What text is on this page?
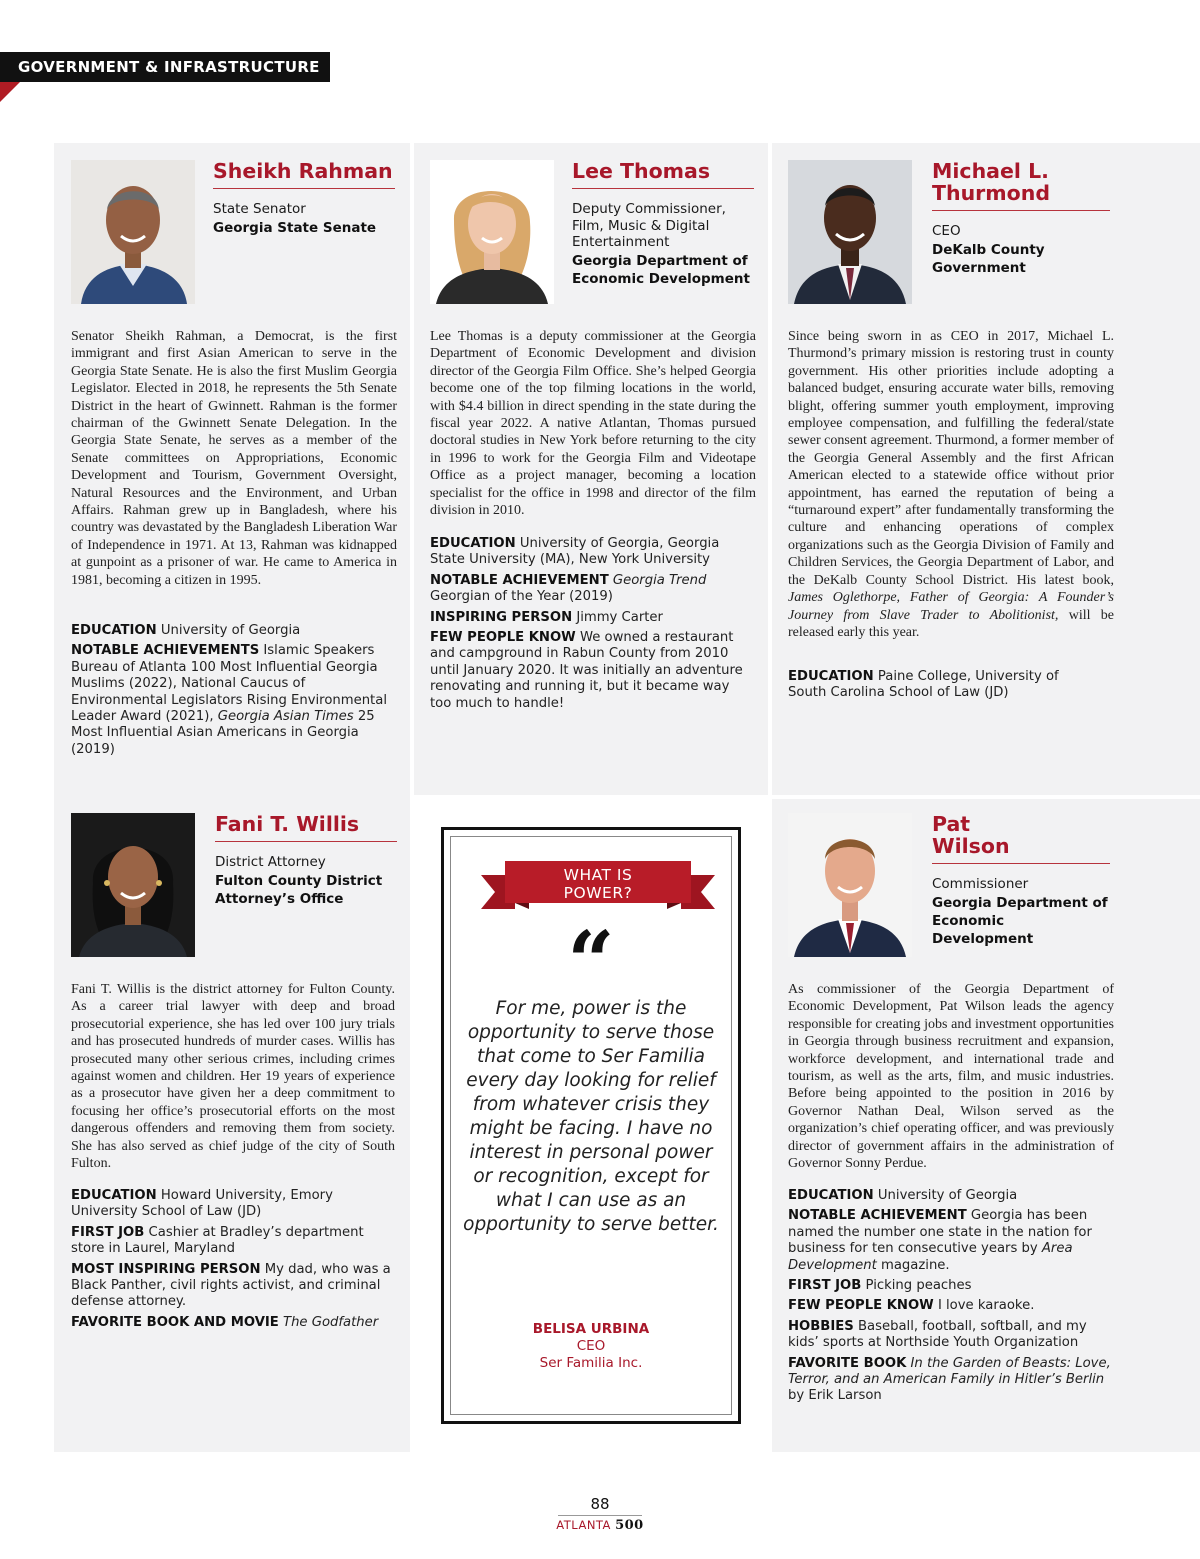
GOVERNMENT & INFRASTRUCTURE
Sheikh Rahman
State Senator
Georgia State Senate
Senator Sheikh Rahman, a Democrat, is the first immigrant and first Asian American to serve in the Georgia State Senate. He is also the first Muslim Georgia Legislator. Elected in 2018, he represents the 5th Senate District in the heart of Gwinnett. Rahman is the former chairman of the Gwinnett Senate Delegation. In the Georgia State Senate, he serves as a member of the Senate committees on Appropriations, Economic Development and Tourism, Government Oversight, Natural Resources and the Environment, and Urban Affairs. Rahman grew up in Bangladesh, where his country was devastated by the Bangladesh Liberation War of Independence in 1971. At 13, Rahman was kidnapped at gunpoint as a prisoner of war. He came to America in 1981, becoming a citizen in 1995.
EDUCATION University of Georgia
NOTABLE ACHIEVEMENTS Islamic Speakers Bureau of Atlanta 100 Most Influential Georgia Muslims (2022), National Caucus of Environmental Legislators Rising Environmental Leader Award (2021), Georgia Asian Times 25 Most Influential Asian Americans in Georgia (2019)
Lee Thomas
Deputy Commissioner, Film, Music & Digital Entertainment
Georgia Department of Economic Development
Lee Thomas is a deputy commissioner at the Georgia Department of Economic Development and division director of the Georgia Film Office. She’s helped Georgia become one of the top filming locations in the world, with $4.4 billion in direct spending in the state during the fiscal year 2022. A native Atlantan, Thomas pursued doctoral studies in New York before returning to the city in 1996 to work for the Georgia Film and Videotape Office as a project manager, becoming a location specialist for the office in 1998 and director of the film division in 2010.
EDUCATION University of Georgia, Georgia State University (MA), New York University
NOTABLE ACHIEVEMENT Georgia Trend Georgian of the Year (2019)
INSPIRING PERSON Jimmy Carter
FEW PEOPLE KNOW We owned a restaurant and campground in Rabun County from 2010 until January 2020. It was initially an adventure renovating and running it, but it became way too much to handle!
Michael L. Thurmond
CEO
DeKalb County Government
Since being sworn in as CEO in 2017, Michael L. Thurmond’s primary mission is restoring trust in county government. His other priorities include adopting a balanced budget, ensuring accurate water bills, removing blight, offering summer youth employment, improving employee compensation, and fulfilling the federal/state sewer consent agreement. Thurmond, a former member of the Georgia General Assembly and the first African American elected to a statewide office without prior appointment, has earned the reputation of being a “turnaround expert” after fundamentally transforming the culture and enhancing operations of complex organizations such as the Georgia Division of Family and Children Services, the Georgia Department of Labor, and the DeKalb County School District. His latest book, James Oglethorpe, Father of Georgia: A Founder’s Journey from Slave Trader to Abolitionist, will be released early this year.
EDUCATION Paine College, University of South Carolina School of Law (JD)
Fani T. Willis
District Attorney
Fulton County District Attorney’s Office
Fani T. Willis is the district attorney for Fulton County. As a career trial lawyer with deep and broad prosecutorial experience, she has led over 100 jury trials and has prosecuted hundreds of murder cases. Willis has prosecuted many other serious crimes, including crimes against women and children. Her 19 years of experience as a prosecutor have given her a deep commitment to focusing her office’s prosecutorial efforts on the most dangerous offenders and removing them from society. She has also served as chief judge of the city of South Fulton.
EDUCATION Howard University, Emory University School of Law (JD)
FIRST JOB Cashier at Bradley’s department store in Laurel, Maryland
MOST INSPIRING PERSON My dad, who was a Black Panther, civil rights activist, and criminal defense attorney.
FAVORITE BOOK AND MOVIE The Godfather
WHAT IS POWER?
“
For me, power is the opportunity to serve those that come to Ser Familia every day looking for relief from whatever crisis they might be facing. I have no interest in personal power or recognition, except for what I can use as an opportunity to serve better.
BELISA URBINA
CEO
Ser Familia Inc.
Pat Wilson
Commissioner
Georgia Department of Economic Development
As commissioner of the Georgia Department of Economic Development, Pat Wilson leads the agency responsible for creating jobs and investment opportunities in Georgia through business recruitment and expansion, workforce development, and international trade and tourism, as well as the arts, film, and music industries. Before being appointed to the position in 2016 by Governor Nathan Deal, Wilson served as the organization’s chief operating officer, and was previously director of government affairs in the administration of Governor Sonny Perdue.
EDUCATION University of Georgia
NOTABLE ACHIEVEMENT Georgia has been named the number one state in the nation for business for ten consecutive years by Area Development magazine.
FIRST JOB Picking peaches
FEW PEOPLE KNOW I love karaoke.
HOBBIES Baseball, football, softball, and my kids’ sports at Northside Youth Organization
FAVORITE BOOK In the Garden of Beasts: Love, Terror, and an American Family in Hitler’s Berlin by Erik Larson
88
ATLANTA 500
